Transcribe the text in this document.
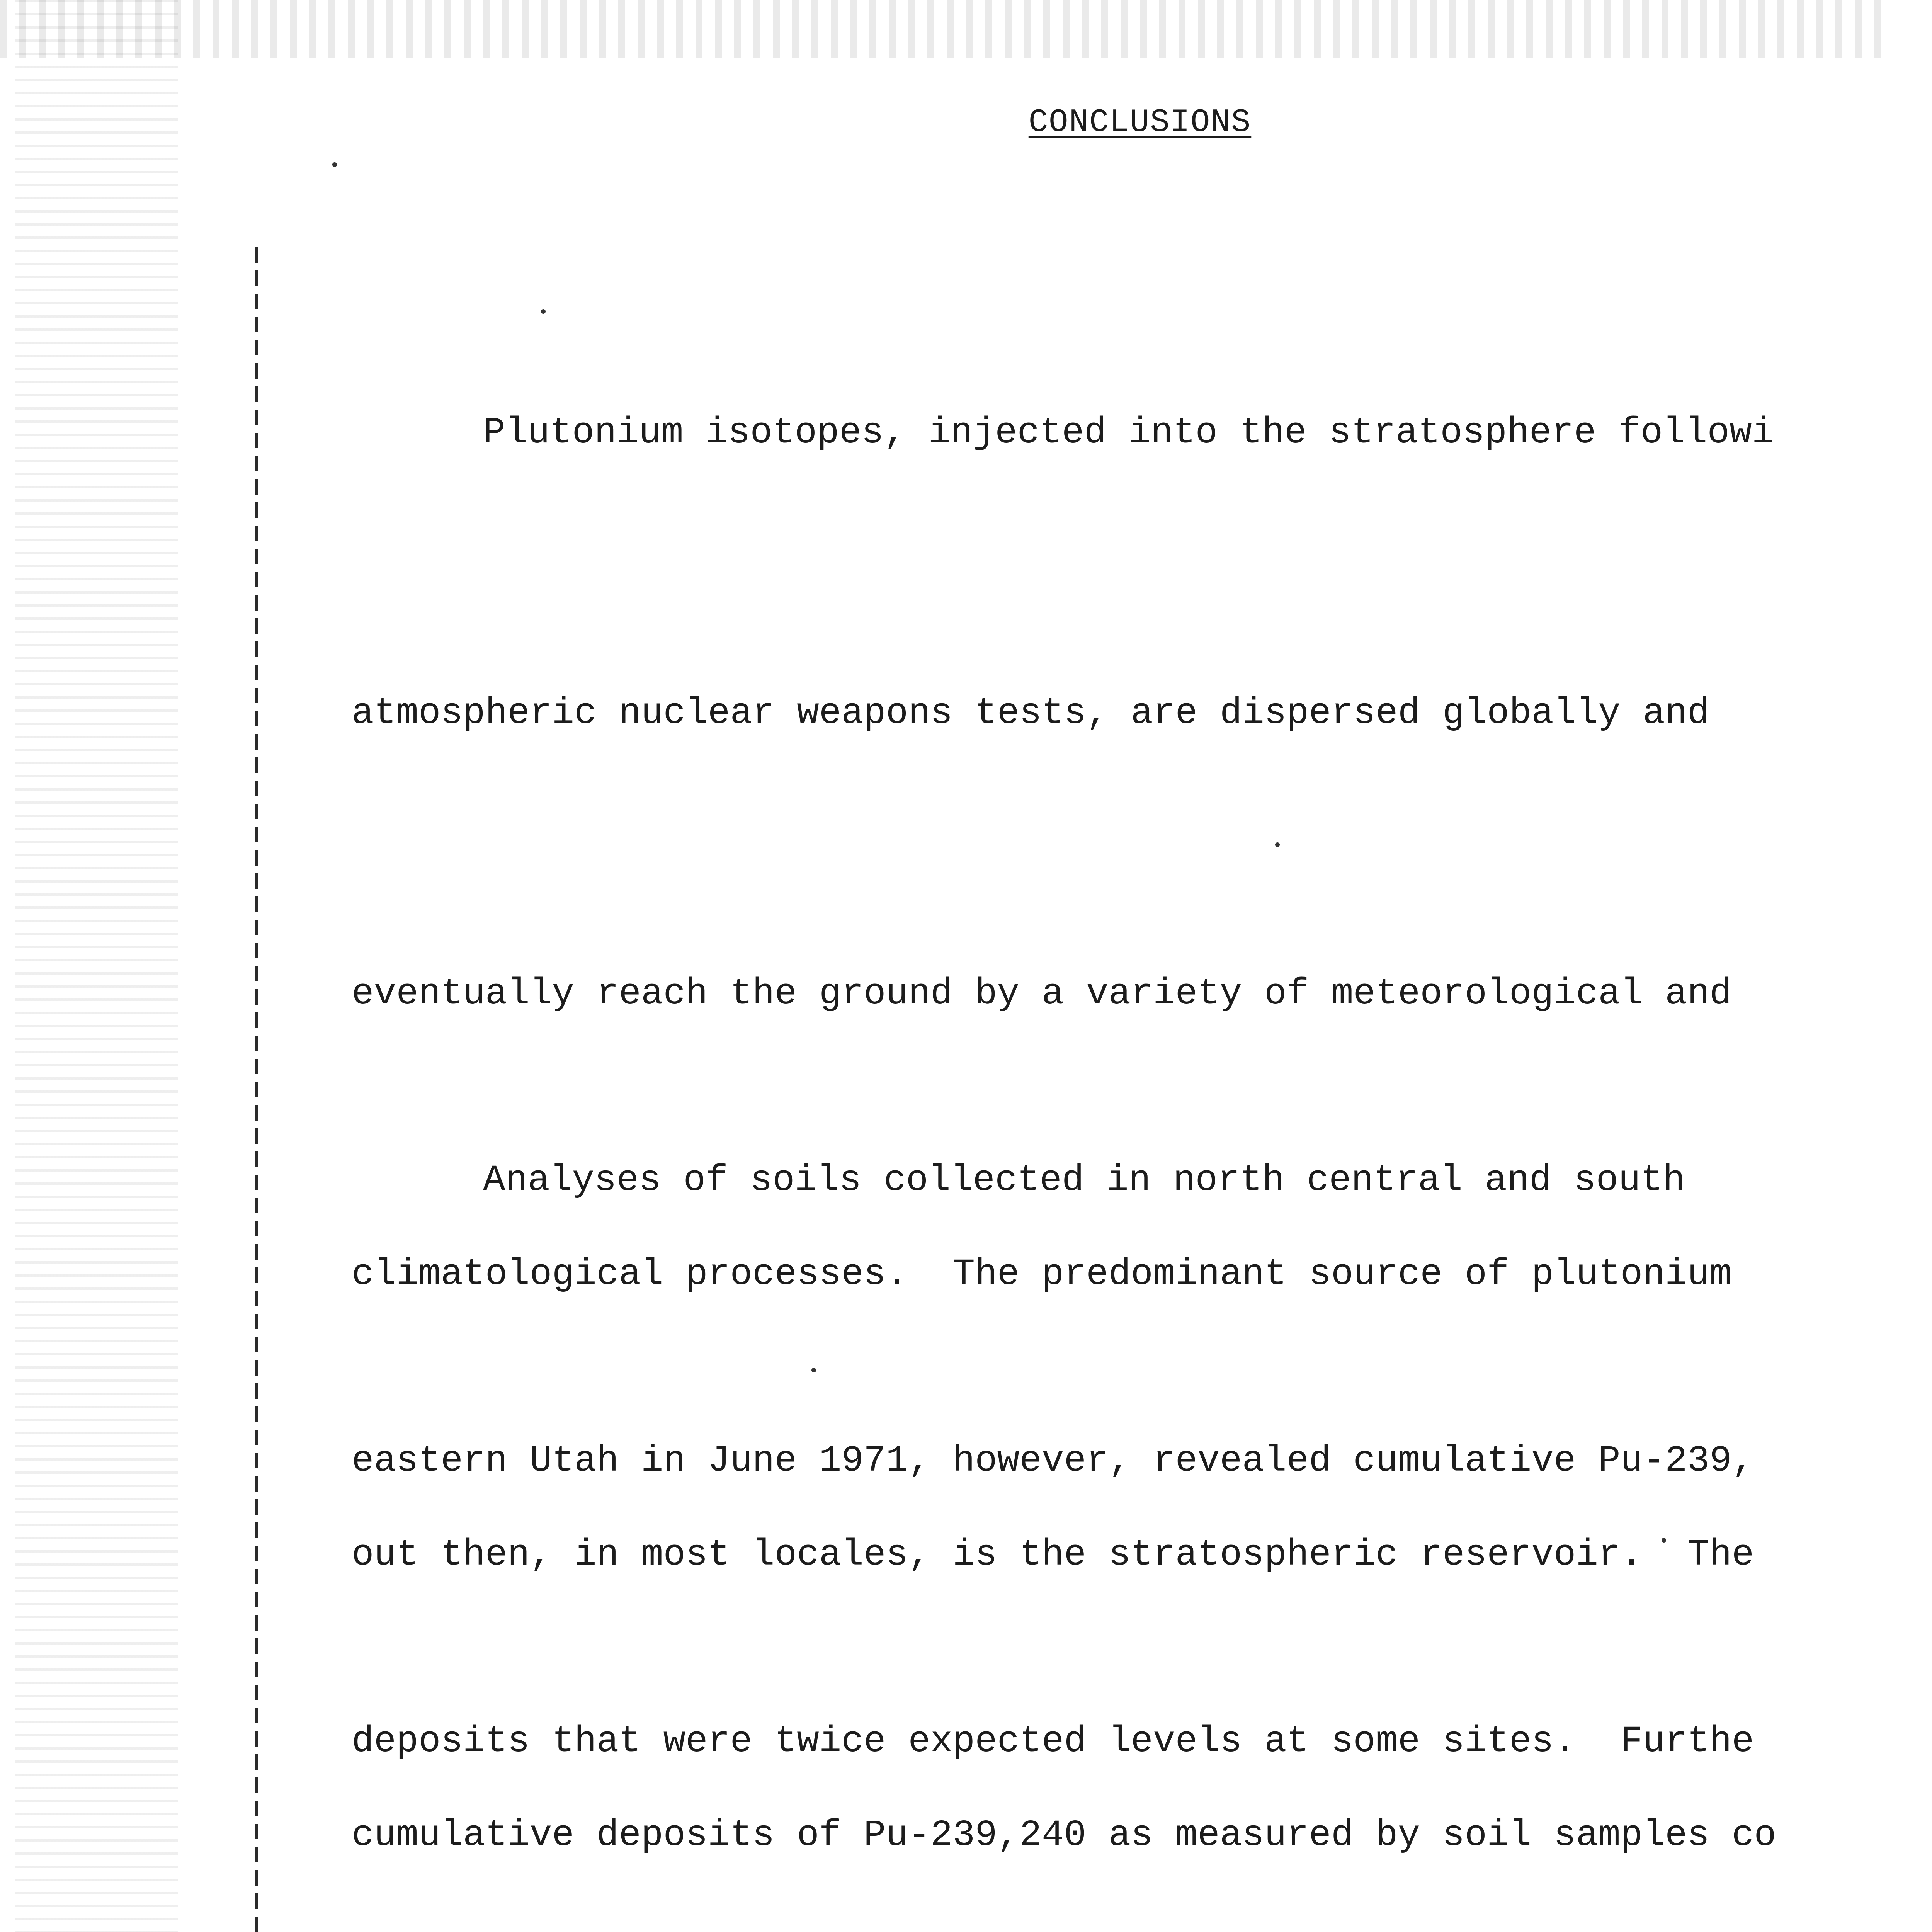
CONCLUSIONS

Plutonium isotopes, injected into the stratosphere followi

atmospheric nuclear weapons tests, are dispersed globally and

eventually reach the ground by a variety of meteorological and

climatological processes.  The predominant source of plutonium

out then, in most locales, is the stratospheric reservoir.  The

cumulative deposits of Pu-239,240 as measured by soil samples co

Analyses of soils collected in north central and south

eastern Utah in June 1971, however, revealed cumulative Pu-239,

deposits that were twice expected levels at some sites.  Furthe
